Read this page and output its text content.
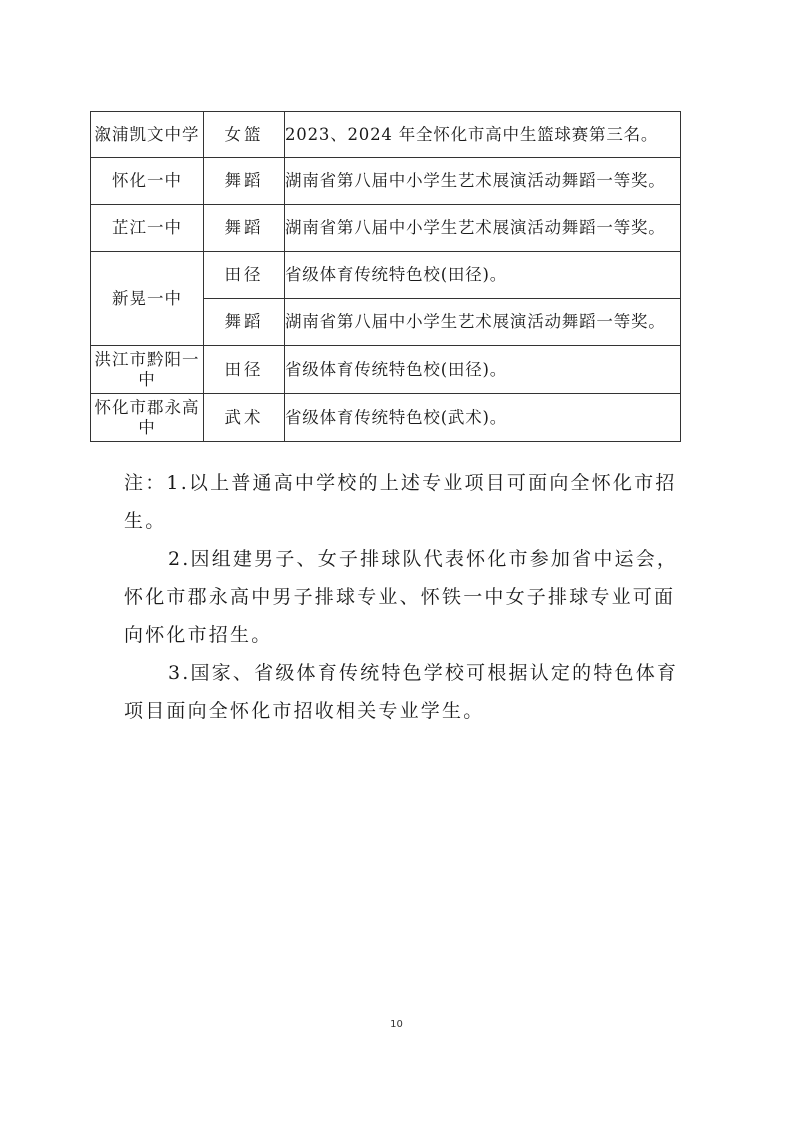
溆浦凯文中学	女篮	2023、2024 年全怀化市高中生篮球赛第三名。
怀化一中	舞蹈	湖南省第八届中小学生艺术展演活动舞蹈一等奖。
芷江一中	舞蹈	湖南省第八届中小学生艺术展演活动舞蹈一等奖。
新晃一中	田径	省级体育传统特色校(田径)。
	舞蹈	湖南省第八届中小学生艺术展演活动舞蹈一等奖。
洪江市黔阳一中	田径	省级体育传统特色校(田径)。
怀化市郡永高中	武术	省级体育传统特色校(武术)。

注：1.以上普通高中学校的上述专业项目可面向全怀化市招生。

2.因组建男子、女子排球队代表怀化市参加省中运会，怀化市郡永高中男子排球专业、怀铁一中女子排球专业可面向怀化市招生。

3.国家、省级体育传统特色学校可根据认定的特色体育项目面向全怀化市招收相关专业学生。

10
